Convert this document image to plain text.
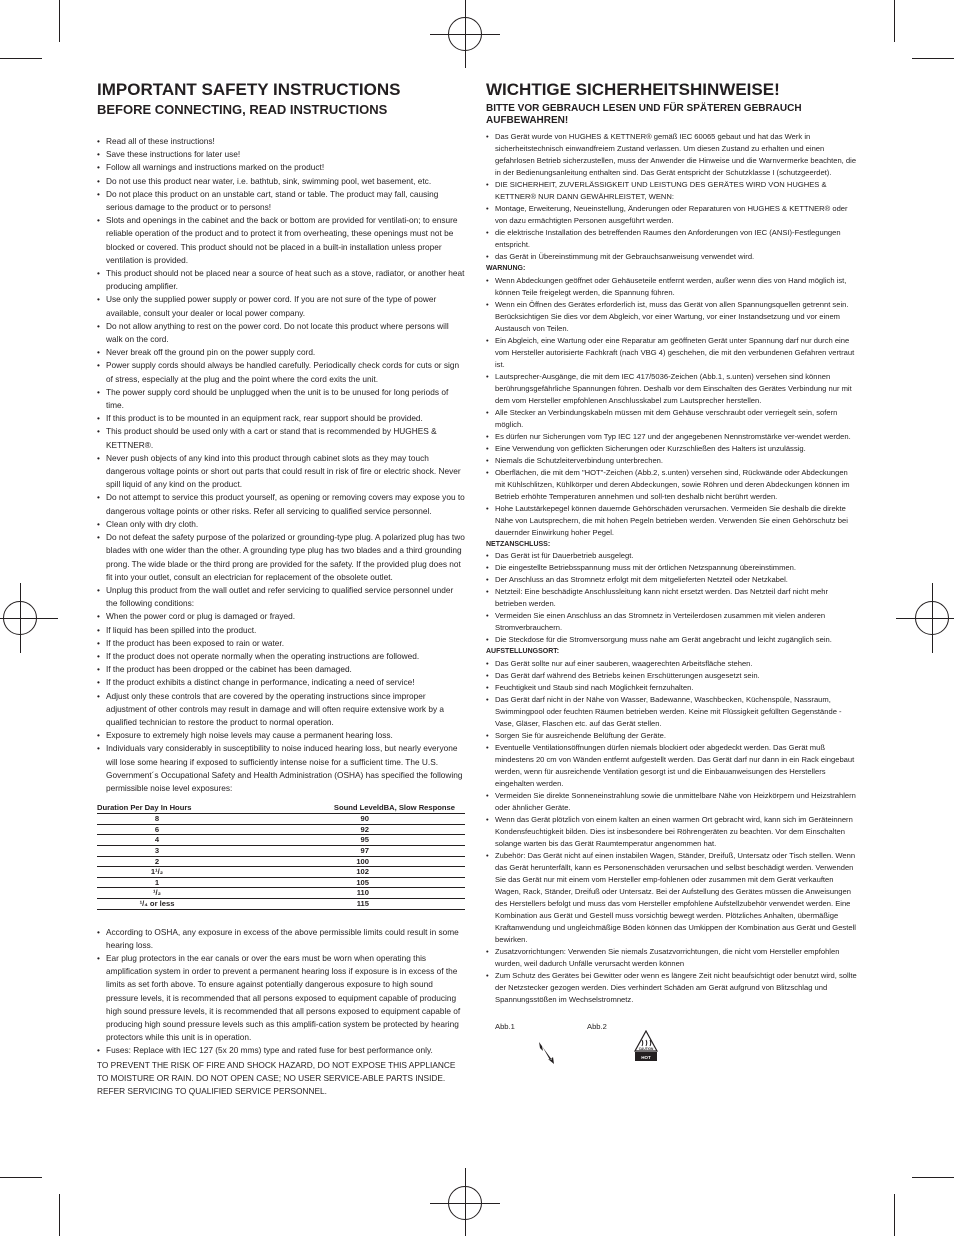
IMPORTANT SAFETY INSTRUCTIONS
BEFORE CONNECTING, READ INSTRUCTIONS
• Read all of these instructions!
• Save these instructions for later use!
• Follow all warnings and instructions marked on the product!
• Do not use this product near water, i.e. bathtub, sink, swimming pool, wet basement, etc.
• Do not place this product on an unstable cart, stand or table. The product may fall, causing serious damage to the product or to persons!
• Slots and openings in the cabinet and the back or bottom are provided for ventilati-on; to ensure reliable operation of the product and to protect it from overheating, these openings must not be blocked or covered. This product should not be placed in a built-in installation unless proper ventilation is provided.
• This product should not be placed near a source of heat such as a stove, radiator, or another heat producing amplifier.
• Use only the supplied power supply or power cord. If you are not sure of the type of power available, consult your dealer or local power company.
• Do not allow anything to rest on the power cord. Do not locate this product where persons will walk on the cord.
• Never break off the ground pin on the power supply cord.
• Power supply cords should always be handled carefully. Periodically check cords for cuts or sign of stress, especially at the plug and the point where the cord exits the unit.
• The power supply cord should be unplugged when the unit is to be unused for long periods of time.
• If this product is to be mounted in an equipment rack, rear support should be provided.
• This product should be used only with a cart or stand that is recommended by HUGHES & KETTNER®.
• Never push objects of any kind into this product through cabinet slots as they may touch dangerous voltage points or short out parts that could result in risk of fire or electric shock. Never spill liquid of any kind on the product.
• Do not attempt to service this product yourself, as opening or removing covers may expose you to dangerous voltage points or other risks. Refer all servicing to qualified service personnel.
• Clean only with dry cloth.
• Do not defeat the safety purpose of the polarized or grounding-type plug. A polarized plug has two blades with one wider than the other. A grounding type plug has two blades and a third grounding prong. The wide blade or the third prong are provided for the safety. If the provided plug does not fit into your outlet, consult an electrician for replacement of the obsolete outlet.
• Unplug this product from the wall outlet and refer servicing to qualified service personnel under the following conditions:
• When the power cord or plug is damaged or frayed.
• If liquid has been spilled into the product.
• If the product has been exposed to rain or water.
• If the product does not operate normally when the operating instructions are followed.
• If the product has been dropped or the cabinet has been damaged.
• If the product exhibits a distinct change in performance, indicating a need of service!
• Adjust only these controls that are covered by the operating instructions since improper adjustment of other controls may result in damage and will often require extensive work by a qualified technician to restore the product to normal operation.
• Exposure to extremely high noise levels may cause a permanent hearing loss.
• Individuals vary considerably in susceptibility to noise induced hearing loss, but nearly everyone will lose some hearing if exposed to sufficiently intense noise for a sufficient time. The U.S. Government´s Occupational Safety and Health Administration (OSHA) has specified the following permissible noise level exposures:
Duration Per Day In Hours	Sound LeveldBA, Slow Response
8	90
6	92
4	95
3	97
2	100
1¹/₂	102
1	105
¹/₂	110
¹/₄ or less	115
• According to OSHA, any exposure in excess of the above permissible limits could result in some hearing loss.
• Ear plug protectors in the ear canals or over the ears must be worn when operating this amplification system in order to prevent a permanent hearing loss if exposure is in excess of the limits as set forth above. To ensure against potentially dangerous exposure to high sound pressure levels, it is recommended that all persons exposed to equipment capable of producing high sound pressure levels, it is recommended that all persons exposed to equipment capable of producing high sound pressure levels such as this amplifi-cation system be protected by hearing protectors while this unit is in operation.
• Fuses: Replace with IEC 127 (5x 20 mms) type and rated fuse for best performance only.

TO PREVENT THE RISK OF FIRE AND SHOCK HAZARD, DO NOT EXPOSE THIS APPLIANCE TO MOISTURE OR RAIN. DO NOT OPEN CASE; NO USER SERVICE-ABLE PARTS INSIDE. REFER SERVICING TO QUALIFIED SERVICE PERSONNEL.

WICHTIGE SICHERHEITSHINWEISE!
BITTE VOR GEBRAUCH LESEN UND FÜR SPÄTEREN GEBRAUCH AUFBEWAHREN!
• Das Gerät wurde von HUGHES & KETTNER® gemäß IEC 60065 gebaut und hat das Werk in sicherheitstechnisch einwandfreiem Zustand verlassen. Um diesen Zustand zu erhalten und einen gefahrlosen Betrieb sicherzustellen, muss der Anwender die Hinweise und die Warnvermerke beachten, die in der Bedienungsanleitung enthalten sind. Das Gerät entspricht der Schutzklasse I (schutzgeerdet).
• DIE SICHERHEIT, ZUVERLÄSSIGKEIT UND LEISTUNG DES GERÄTES WIRD VON HUGHES & KETTNER® NUR DANN GEWÄHRLEISTET, WENN:
• Montage, Erweiterung, Neueinstellung, Änderungen oder Reparaturen von HUGHES & KETTNER® oder von dazu ermächtigten Personen ausgeführt werden.
• die elektrische Installation des betreffenden Raumes den Anforderungen von IEC (ANSI)-Festlegungen entspricht.
• das Gerät in Übereinstimmung mit der Gebrauchsanweisung verwendet wird.

WARNUNG:

• Wenn Abdeckungen geöffnet oder Gehäuseteile entfernt werden, außer wenn dies von Hand möglich ist, können Teile freigelegt werden, die Spannung führen.
• Wenn ein Öffnen des Gerätes erforderlich ist, muss das Gerät von allen Spannungsquellen getrennt sein. Berücksichtigen Sie dies vor dem Abgleich, vor einer Wartung, vor einer Instandsetzung und vor einem Austausch von Teilen.
• Ein Abgleich, eine Wartung oder eine Reparatur am geöffneten Gerät unter Spannung darf nur durch eine vom Hersteller autorisierte Fachkraft (nach VBG 4) geschehen, die mit den verbundenen Gefahren vertraut ist.
• Lautsprecher-Ausgänge, die mit dem IEC 417/5036-Zeichen (Abb.1, s.unten) versehen sind können berührungsgefährliche Spannungen führen. Deshalb vor dem Einschalten des Gerätes Verbindung nur mit dem vom Hersteller empfohlenen Anschlusskabel zum Lautsprecher herstellen.
• Alle Stecker an Verbindungskabeln müssen mit dem Gehäuse verschraubt oder verriegelt sein, sofern möglich.
• Es dürfen nur Sicherungen vom Typ IEC 127 und der angegebenen Nennstromstärke ver-wendet werden.
• Eine Verwendung von geflickten Sicherungen oder Kurzschließen des Halters ist unzulässig.
• Niemals die Schutzleiterverbindung unterbrechen.
• Oberflächen, die mit dem "HOT"-Zeichen (Abb.2, s.unten) versehen sind, Rückwände oder Abdeckungen mit Kühlschlitzen, Kühlkörper und deren Abdeckungen, sowie Röhren und deren Abdeckungen können im Betrieb erhöhte Temperaturen annehmen und soll-ten deshalb nicht berührt werden.
• Hohe Lautstärkepegel können dauernde Gehörschäden verursachen. Vermeiden Sie deshalb die direkte Nähe von Lautsprechern, die mit hohen Pegeln betrieben werden. Verwenden Sie einen Gehörschutz bei dauernder Einwirkung hoher Pegel.

NETZANSCHLUSS:

• Das Gerät ist für Dauerbetrieb ausgelegt.
• Die eingestellte Betriebsspannung muss mit der örtlichen Netzspannung übereinstimmen.
• Der Anschluss an das Stromnetz erfolgt mit dem mitgelieferten Netzteil oder Netzkabel.
• Netzteil: Eine beschädigte Anschlussleitung kann nicht ersetzt werden. Das Netzteil darf nicht mehr betrieben werden.
• Vermeiden Sie einen Anschluss an das Stromnetz in Verteilerdosen zusammen mit vielen anderen Stromverbrauchern.
• Die Steckdose für die Stromversorgung muss nahe am Gerät angebracht und leicht zugänglich sein.

AUFSTELLUNGSORT:

• Das Gerät sollte nur auf einer sauberen, waagerechten Arbeitsfläche stehen.
• Das Gerät darf während des Betriebs keinen Erschütterungen ausgesetzt sein.
• Feuchtigkeit und Staub sind nach Möglichkeit fernzuhalten.
• Das Gerät darf nicht in der Nähe von Wasser, Badewanne, Waschbecken, Küchenspüle, Nassraum, Swimmingpool oder feuchten Räumen betrieben werden. Keine mit Flüssigkeit gefüllten Gegenstände -Vase, Gläser, Flaschen etc. auf das Gerät stellen.
• Sorgen Sie für ausreichende Belüftung der Geräte.
• Eventuelle Ventilationsöffnungen dürfen niemals blockiert oder abgedeckt werden. Das Gerät muß mindestens 20 cm von Wänden entfernt aufgestellt werden. Das Gerät darf nur dann in ein Rack eingebaut werden, wenn für ausreichende Ventilation gesorgt ist und die Einbauanweisungen des Herstellers eingehalten werden.
• Vermeiden Sie direkte Sonneneinstrahlung sowie die unmittelbare Nähe von Heizkörpern und Heizstrahlern oder ähnlicher Geräte.
• Wenn das Gerät plötzlich von einem kalten an einen warmen Ort gebracht wird, kann sich im Geräteinnern Kondensfeuchtigkeit bilden. Dies ist insbesondere bei Röhrengeräten zu beachten. Vor dem Einschalten solange warten bis das Gerät Raumtemperatur angenommen hat.
• Zubehör: Das Gerät nicht auf einen instabilen Wagen, Ständer, Dreifuß, Untersatz oder Tisch stellen. Wenn das Gerät herunterfällt, kann es Personenschäden verursachen und selbst beschädigt werden. Verwenden Sie das Gerät nur mit einem vom Hersteller emp-fohlenen oder zusammen mit dem Gerät verkauften Wagen, Rack, Ständer, Dreifuß oder Untersatz. Bei der Aufstellung des Gerätes müssen die Anweisungen des Herstellers befolgt und muss das vom Hersteller empfohlene Aufstellzubehör verwendet werden. Eine Kombination aus Gerät und Gestell muss vorsichtig bewegt werden. Plötzliches Anhalten, übermäßige Kraftanwendung und ungleichmäßige Böden können das Umkippen der Kombination aus Gerät und Gestell bewirken.
• Zusatzvorrichtungen: Verwenden Sie niemals Zusatzvorrichtungen, die nicht vom Hersteller empfohlen wurden, weil dadurch Unfälle verursacht werden können
• Zum Schutz des Gerätes bei Gewitter oder wenn es längere Zeit nicht beaufsichtigt oder benutzt wird, sollte der Netzstecker gezogen werden. Dies verhindert Schäden am Gerät aufgrund von Blitzschlag und Spannungsstößen im Wechselstromnetz.
Abb.1	Abb.2
CAUTION
HOT
